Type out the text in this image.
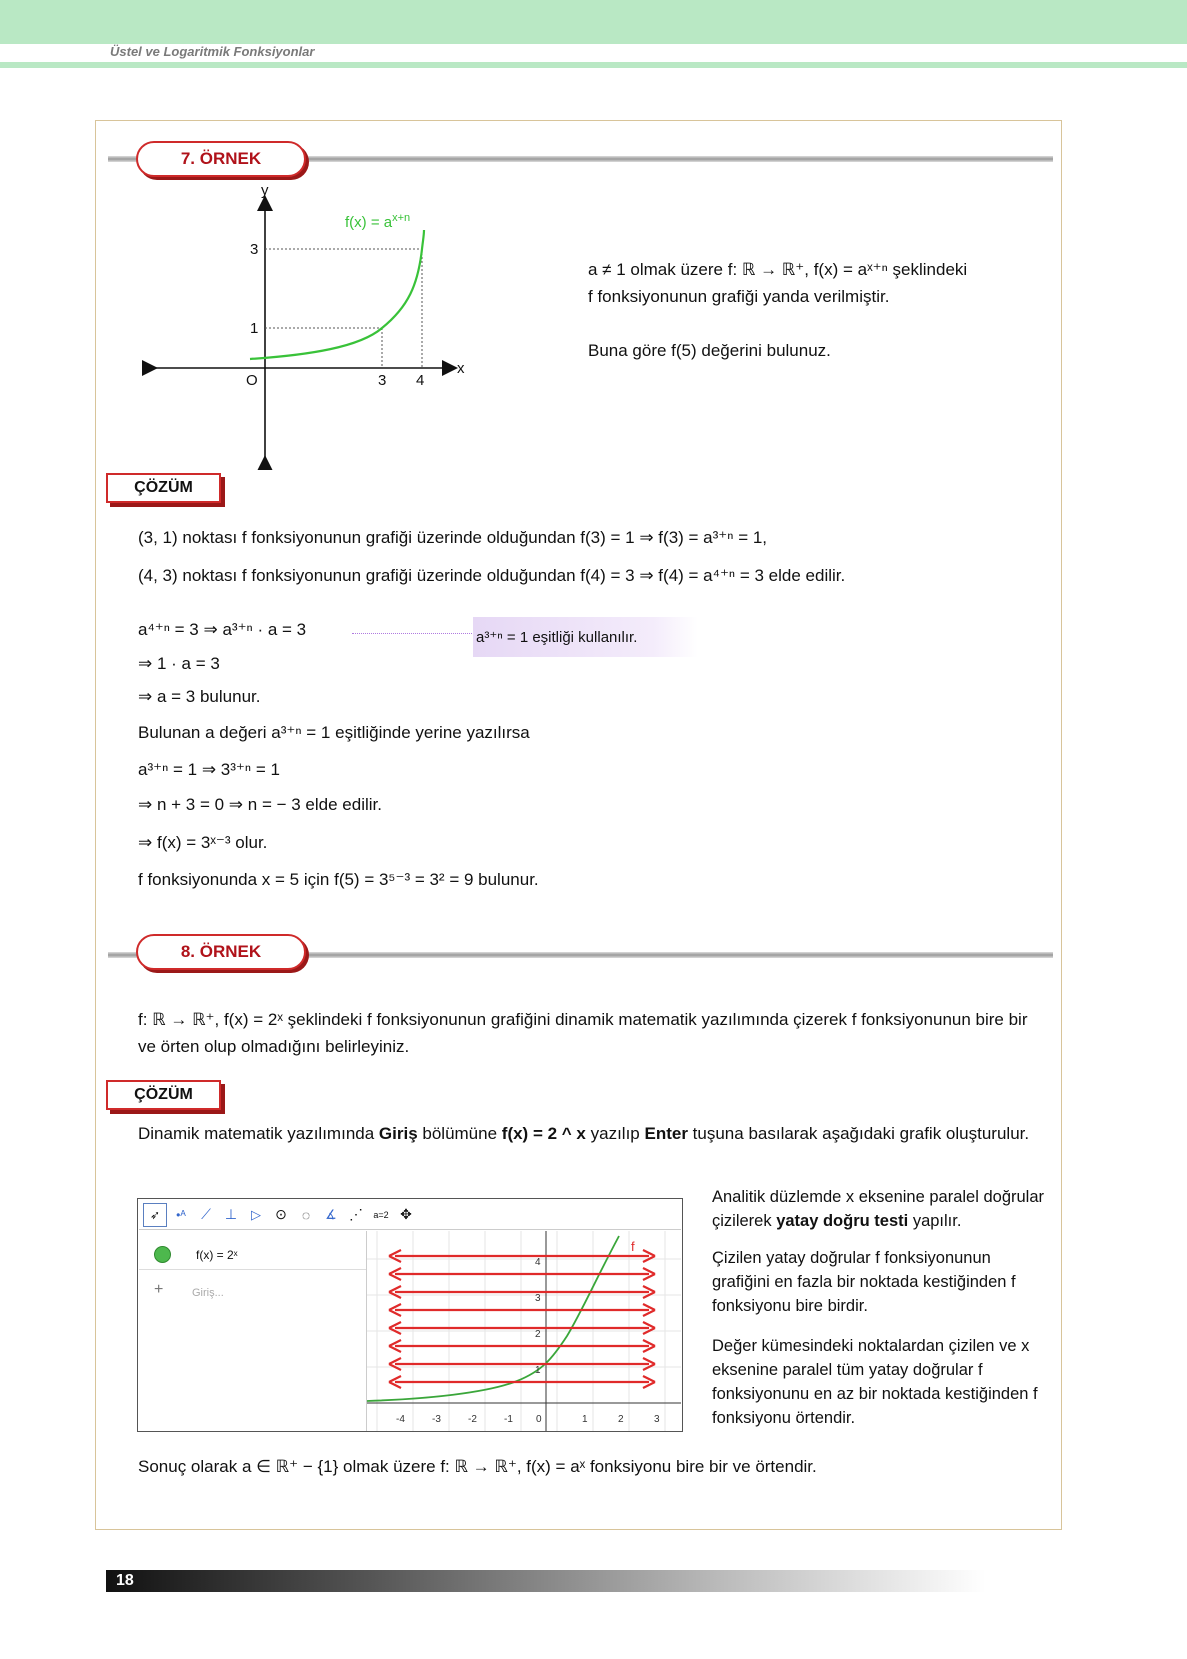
Üstel ve Logaritmik Fonksiyonlar
7. ÖRNEK
y
x
O
3
1
3 4
$f(x) = a^{x+n}$
a ≠ 1 olmak üzere f: ℝ → ℝ⁺, f(x) = aˣ⁺ⁿ şeklindeki
f fonksiyonunun grafiği yanda verilmiştir.
Buna göre f(5) değerini bulunuz.
ÇÖZÜM
(3, 1) noktası f fonksiyonunun grafiği üzerinde olduğundan f(3) = 1 ⇒ f(3) = a³⁺ⁿ = 1,
(4, 3) noktası f fonksiyonunun grafiği üzerinde olduğundan f(4) = 3 ⇒ f(4) = a⁴⁺ⁿ = 3 elde edilir.
a⁴⁺ⁿ = 3 ⇒ a³⁺ⁿ · a = 3	a³⁺ⁿ = 1 eşitliği kullanılır.
⇒ 1 · a = 3
⇒ a = 3 bulunur.
Bulunan a değeri a³⁺ⁿ = 1 eşitliğinde yerine yazılırsa
a³⁺ⁿ = 1 ⇒ 3³⁺ⁿ = 1
⇒ n + 3 = 0 ⇒ n = − 3 elde edilir.
⇒ f(x) = 3ˣ⁻³ olur.
f fonksiyonunda x = 5 için f(5) = 3⁵⁻³ = 3² = 9 bulunur.
8. ÖRNEK
f: ℝ → ℝ⁺, f(x) = 2ˣ şeklindeki f fonksiyonunun grafiğini dinamik matematik yazılımında çizerek f fonksiyonunun bire bir ve örten olup olmadığını belirleyiniz.
ÇÖZÜM
Dinamik matematik yazılımında Giriş bölümüne f(x) = 2 ^ x yazılıp Enter tuşuna basılarak aşağıdaki grafik oluşturulur.
➶	•ᴬ	⟋ ⊥	▷	⊙	◌	∡ ⋰	a=2 ✥
f(x) = 2ˣ
+	Giriş...
f
-4	-3	-2	-1 0	1	2	3
4
3
2
1
Analitik düzlemde x eksenine paralel doğrular çizilerek yatay doğru testi yapılır.
Çizilen yatay doğrular f fonksiyonunun grafiğini en fazla bir noktada kestiğinden f fonksiyonu bire birdir.
Değer kümesindeki noktalardan çizilen ve x eksenine paralel tüm yatay doğrular f fonksiyonunu en az bir noktada kestiğinden f fonksiyonu örtendir.
Sonuç olarak a ∈ ℝ⁺ − {1} olmak üzere f: ℝ → ℝ⁺, f(x) = aˣ fonksiyonu bire bir ve örtendir.
18
